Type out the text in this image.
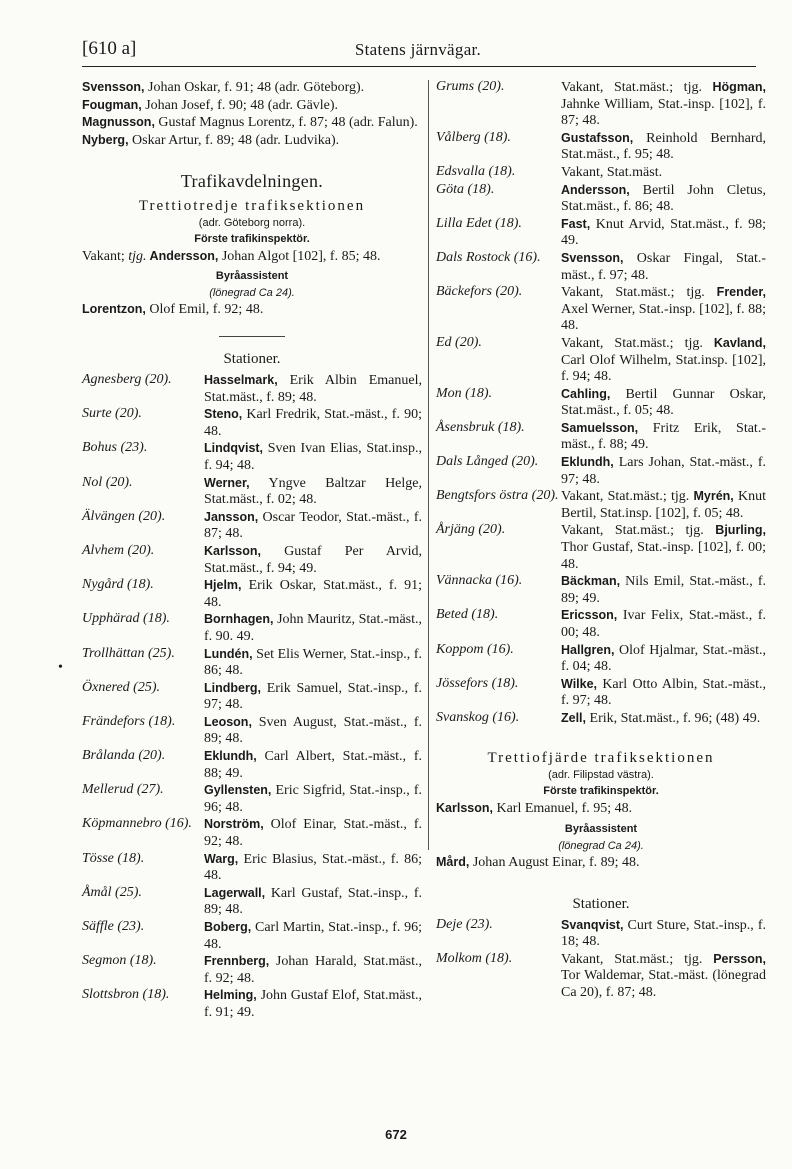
[610 a]	Statens järnvägar.
•
Svensson, Johan Oskar, f. 91; 48 (adr. Göteborg).
Fougman, Johan Josef, f. 90; 48 (adr. Gävle).
Magnusson, Gustaf Magnus Lorentz, f. 87; 48 (adr. Falun).
Nyberg, Oskar Artur, f. 89; 48 (adr. Ludvika).
Trafikavdelningen.
Trettiotredje trafiksektionen
(adr. Göteborg norra).
Förste trafikinspektör.
Vakant; tjg. Andersson, Johan Algot [102], f. 85; 48.
Byråassistent
(lönegrad Ca 24).
Lorentzon, Olof Emil, f. 92; 48.
Stationer.
Agnesberg (20).	Hasselmark, Erik Albin Emanuel, Stat.mäst., f. 89; 48.
Surte (20).	Steno, Karl Fredrik, Stat.-mäst., f. 90; 48.
Bohus (23).	Lindqvist, Sven Ivan Elias, Stat.insp., f. 94; 48.
Nol (20).	Werner, Yngve Baltzar Helge, Stat.mäst., f. 02; 48.
Älvängen (20).	Jansson, Oscar Teodor, Stat.-mäst., f. 87; 48.
Alvhem (20).	Karlsson, Gustaf Per Arvid, Stat.mäst., f. 94; 49.
Nygård (18).	Hjelm, Erik Oskar, Stat.mäst., f. 91; 48.
Upphärad (18).	Bornhagen, John Mauritz, Stat.-mäst., f. 90. 49.
Trollhättan (25).	Lundén, Set Elis Werner, Stat.-insp., f. 86; 48.
Öxnered (25).	Lindberg, Erik Samuel, Stat.-insp., f. 97; 48.
Frändefors (18).	Leoson, Sven August, Stat.-mäst., f. 89; 48.
Brålanda (20).	Eklundh, Carl Albert, Stat.-mäst., f. 88; 49.
Mellerud (27).	Gyllensten, Eric Sigfrid, Stat.-insp., f. 96; 48.
Köpmannebro (16). Norström, Olof Einar, Stat.-mäst., f. 92; 48.
Tösse (18).	Warg, Eric Blasius, Stat.-mäst., f. 86; 48.
Åmål (25).	Lagerwall, Karl Gustaf, Stat.-insp., f. 89; 48.
Säffle (23).	Boberg, Carl Martin, Stat.-insp., f. 96; 48.
Segmon (18).	Frennberg, Johan Harald, Stat.mäst., f. 92; 48.
Slottsbron (18).	Helming, John Gustaf Elof, Stat.mäst., f. 91; 49.
Grums (20).	Vakant, Stat.mäst.; tjg. Högman, Jahnke William, Stat.-insp. [102], f. 87; 48.
Vålberg (18).	Gustafsson, Reinhold Bernhard, Stat.mäst., f. 95; 48.
Edsvalla (18).	Vakant, Stat.mäst.
Göta (18).	Andersson, Bertil John Cletus, Stat.mäst., f. 86; 48.
Lilla Edet (18).	Fast, Knut Arvid, Stat.mäst., f. 98; 49.
Dals Rostock (16).	Svensson, Oskar Fingal, Stat.-mäst., f. 97; 48.
Bäckefors (20).	Vakant, Stat.mäst.; tjg. Frender, Axel Werner, Stat.-insp. [102], f. 88; 48.
Ed (20).	Vakant, Stat.mäst.; tjg. Kavland, Carl Olof Wilhelm, Stat.insp. [102], f. 94; 48.
Mon (18).	Cahling, Bertil Gunnar Oskar, Stat.mäst., f. 05; 48.
Åsensbruk (18).	Samuelsson, Fritz Erik, Stat.-mäst., f. 88; 49.
Dals Långed (20).	Eklundh, Lars Johan, Stat.-mäst., f. 97; 48.
Bengtsfors östra (20). Vakant, Stat.mäst.; tjg. Myrén, Knut Bertil, Stat.insp. [102], f. 05; 48.
Årjäng (20).	Vakant, Stat.mäst.; tjg. Bjurling, Thor Gustaf, Stat.-insp. [102], f. 00; 48.
Vännacka (16).	Bäckman, Nils Emil, Stat.-mäst., f. 89; 49.
Beted (18).	Ericsson, Ivar Felix, Stat.-mäst., f. 00; 48.
Koppom (16).	Hallgren, Olof Hjalmar, Stat.-mäst., f. 04; 48.
Jössefors (18).	Wilke, Karl Otto Albin, Stat.-mäst., f. 97; 48.
Svanskog (16).	Zell, Erik, Stat.mäst., f. 96; (48) 49.
Trettiofjärde trafiksektionen
(adr. Filipstad västra).
Förste trafikinspektör.
Karlsson, Karl Emanuel, f. 95; 48.
Byråassistent
(lönegrad Ca 24).
Mård, Johan August Einar, f. 89; 48.
Stationer.
Deje (23).	Svanqvist, Curt Sture, Stat.-insp., f. 18; 48.
Molkom (18).	Vakant, Stat.mäst.; tjg. Persson, Tor Waldemar, Stat.-mäst. (lönegrad Ca 20), f. 87; 48.
672
